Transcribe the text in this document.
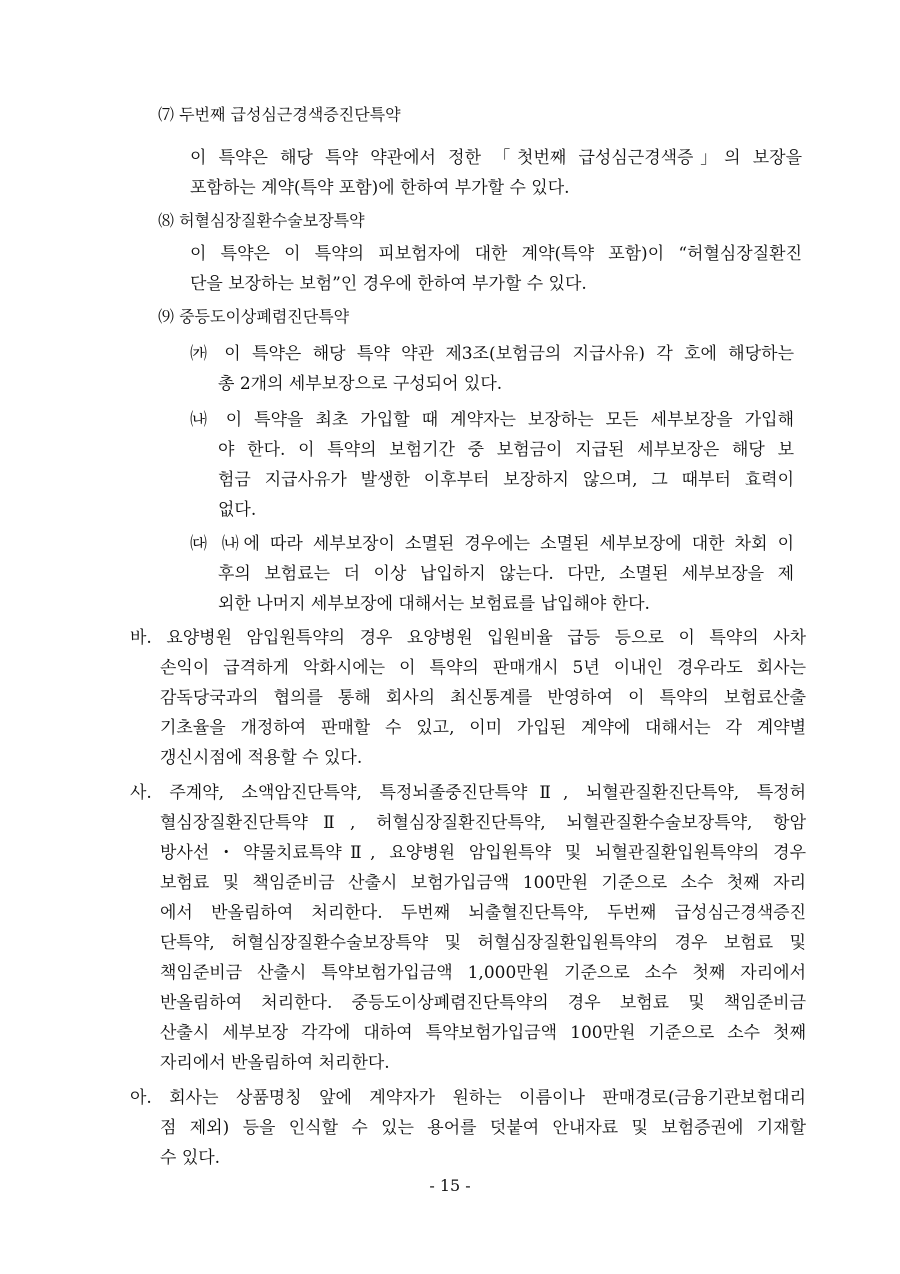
⑺ 두번째 급성심근경색증진단특약
이 특약은 해당 특약 약관에서 정한 「첫번째 급성심근경색증」의 보장을
포함하는 계약(특약 포함)에 한하여 부가할 수 있다.
⑻ 허혈심장질환수술보장특약
이 특약은 이 특약의 피보험자에 대한 계약(특약 포함)이 “허혈심장질환진
단을 보장하는 보험”인 경우에 한하여 부가할 수 있다.
⑼ 중등도이상폐렴진단특약
㈎ 이 특약은 해당 특약 약관 제3조(보험금의 지급사유) 각 호에 해당하는
총 2개의 세부보장으로 구성되어 있다.
㈏ 이 특약을 최초 가입할 때 계약자는 보장하는 모든 세부보장을 가입해
야 한다. 이 특약의 보험기간 중 보험금이 지급된 세부보장은 해당 보
험금 지급사유가 발생한 이후부터 보장하지 않으며, 그 때부터 효력이
없다.
㈐ ㈏에 따라 세부보장이 소멸된 경우에는 소멸된 세부보장에 대한 차회 이
후의 보험료는 더 이상 납입하지 않는다. 다만, 소멸된 세부보장을 제
외한 나머지 세부보장에 대해서는 보험료를 납입해야 한다.
바. 요양병원 암입원특약의 경우 요양병원 입원비율 급등 등으로 이 특약의 사차
손익이 급격하게 악화시에는 이 특약의 판매개시 5년 이내인 경우라도 회사는
감독당국과의 협의를 통해 회사의 최신통계를 반영하여 이 특약의 보험료산출
기초율을 개정하여 판매할 수 있고, 이미 가입된 계약에 대해서는 각 계약별
갱신시점에 적용할 수 있다.
사. 주계약, 소액암진단특약, 특정뇌졸중진단특약Ⅱ, 뇌혈관질환진단특약, 특정허
혈심장질환진단특약Ⅱ, 허혈심장질환진단특약, 뇌혈관질환수술보장특약, 항암
방사선・약물치료특약Ⅱ, 요양병원 암입원특약 및 뇌혈관질환입원특약의 경우
보험료 및 책임준비금 산출시 보험가입금액 100만원 기준으로 소수 첫째 자리
에서 반올림하여 처리한다. 두번째 뇌출혈진단특약, 두번째 급성심근경색증진
단특약, 허혈심장질환수술보장특약 및 허혈심장질환입원특약의 경우 보험료 및
책임준비금 산출시 특약보험가입금액 1,000만원 기준으로 소수 첫째 자리에서
반올림하여 처리한다. 중등도이상폐렴진단특약의 경우 보험료 및 책임준비금
산출시 세부보장 각각에 대하여 특약보험가입금액 100만원 기준으로 소수 첫째
자리에서 반올림하여 처리한다.
아. 회사는 상품명칭 앞에 계약자가 원하는 이름이나 판매경로(금융기관보험대리
점 제외) 등을 인식할 수 있는 용어를 덧붙여 안내자료 및 보험증권에 기재할
수 있다.
- 15 -
